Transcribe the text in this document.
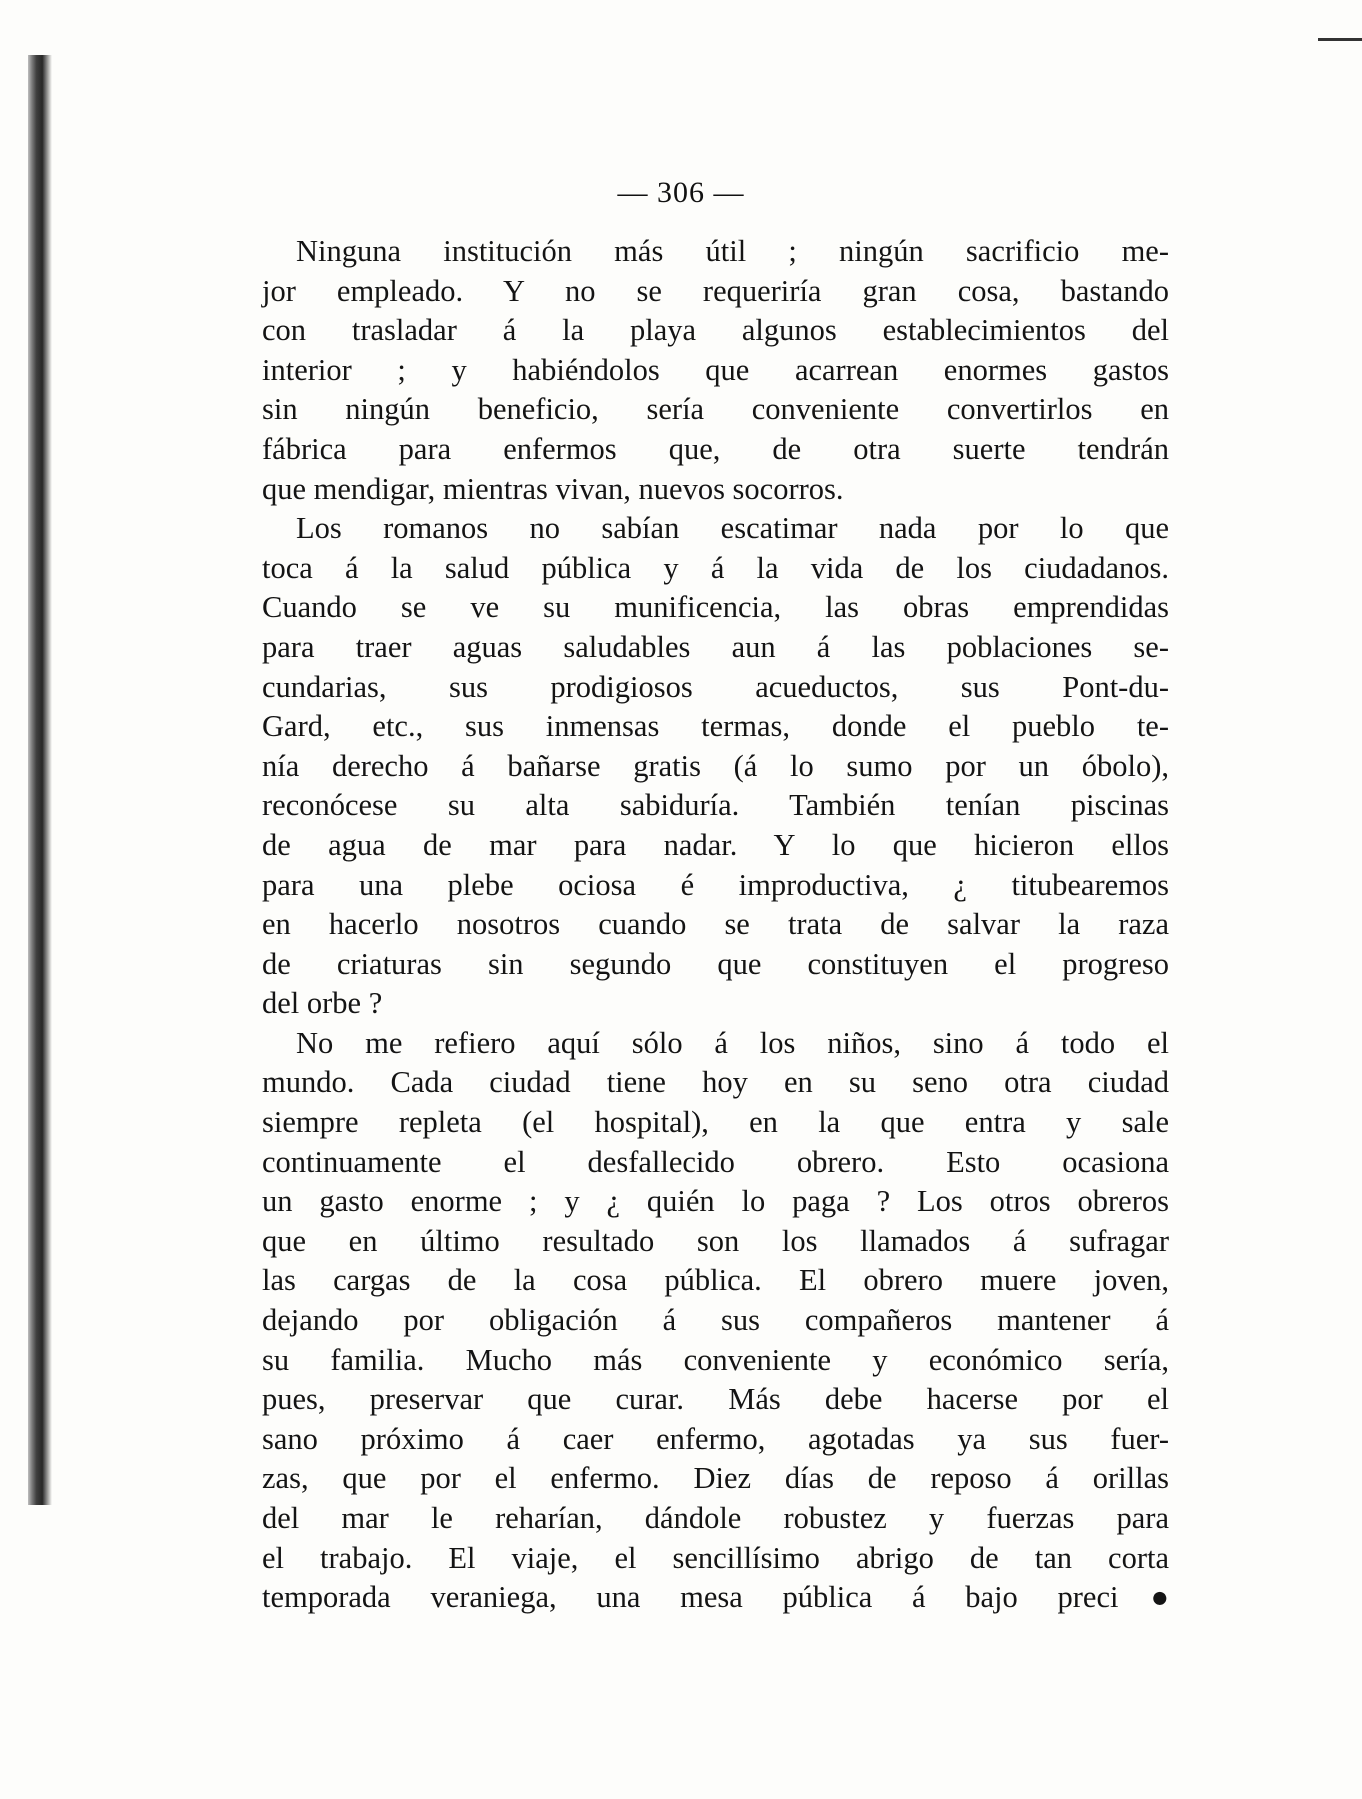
— 306 —
Ninguna institución más útil ; ningún sacrificio me-
jor empleado. Y no se requeriría gran cosa, bastando
con trasladar á la playa algunos establecimientos del
interior ; y habiéndolos que acarrean enormes gastos
sin ningún beneficio, sería conveniente convertirlos en
fábrica para enfermos que, de otra suerte tendrán
que mendigar, mientras vivan, nuevos socorros.
Los romanos no sabían escatimar nada por lo que
toca á la salud pública y á la vida de los ciudadanos.
Cuando se ve su munificencia, las obras emprendidas
para traer aguas saludables aun á las poblaciones se-
cundarias, sus prodigiosos acueductos, sus Pont-du-
Gard, etc., sus inmensas termas, donde el pueblo te-
nía derecho á bañarse gratis (á lo sumo por un óbolo),
reconócese su alta sabiduría. También tenían piscinas
de agua de mar para nadar. Y lo que hicieron ellos
para una plebe ociosa é improductiva, ¿ titubearemos
en hacerlo nosotros cuando se trata de salvar la raza
de criaturas sin segundo que constituyen el progreso
del orbe ?
No me refiero aquí sólo á los niños, sino á todo el
mundo. Cada ciudad tiene hoy en su seno otra ciudad
siempre repleta (el hospital), en la que entra y sale
continuamente el desfallecido obrero. Esto ocasiona
un gasto enorme ; y ¿ quién lo paga ? Los otros obreros
que en último resultado son los llamados á sufragar
las cargas de la cosa pública. El obrero muere joven,
dejando por obligación á sus compañeros mantener á
su familia. Mucho más conveniente y económico sería,
pues, preservar que curar. Más debe hacerse por el
sano próximo á caer enfermo, agotadas ya sus fuer-
zas, que por el enfermo. Diez días de reposo á orillas
del mar le reharían, dándole robustez y fuerzas para
el trabajo. El viaje, el sencillísimo abrigo de tan corta
temporada veraniega, una mesa pública á bajo preci●
